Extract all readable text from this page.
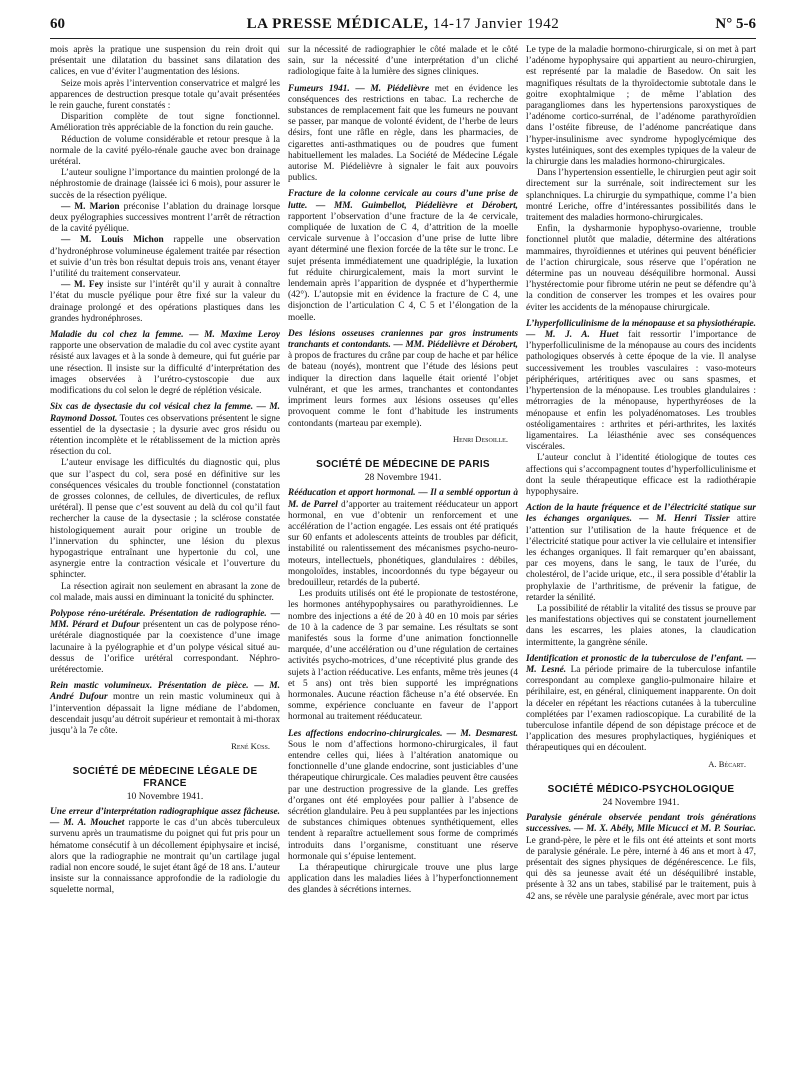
60	LA PRESSE MÉDICALE, 14-17 Janvier 1942	N° 5-6

mois après la pratique une suspension du rein droit qui présentait une dilatation du bassinet sans dilatation des calices, en vue d’éviter l’augmentation des lésions.

Seize mois après l’intervention conservatrice et malgré les apparences de destruction presque totale qu’avait présentées le rein gauche, furent constatés :

Disparition complète de tout signe fonctionnel. Amélioration très appréciable de la fonction du rein gauche.

Réduction de volume considérable et retour presque à la normale de la cavité pyélo-rénale gauche avec bon drainage urétéral.

L’auteur souligne l’importance du maintien prolongé de la néphrostomie de drainage (laissée ici 6 mois), pour assurer le succès de la résection pyélique.

— M. Marion préconise l’ablation du drainage lorsque deux pyélographies successives montrent l’arrêt de rétraction de la cavité pyélique.

— M. Louis Michon rappelle une observation d’hydronéphrose volumineuse également traitée par résection et suivie d’un très bon résultat depuis trois ans, venant étayer l’utilité du traitement conservateur.

— M. Fey insiste sur l’intérêt qu’il y aurait à connaître l’état du muscle pyélique pour être fixé sur la valeur du drainage prolongé et des opérations plastiques dans les grandes hydronéphroses.

Maladie du col chez la femme. — M. Maxime Leroy rapporte une observation de maladie du col avec cystite ayant résisté aux lavages et à la sonde à demeure, qui fut guérie par une résection. Il insiste sur la difficulté d’interprétation des images observées à l’urétro-cystoscopie due aux modifications du col selon le degré de réplétion vésicale.

Six cas de dysectasie du col vésical chez la femme. — M. Raymond Dossot. Toutes ces observations présentent le signe essentiel de la dysectasie ; la dysurie avec gros résidu ou rétention incomplète et le rétablissement de la miction après résection du col.

L’auteur envisage les difficultés du diagnostic qui, plus que sur l’aspect du col, sera posé en définitive sur les conséquences vésicales du trouble fonctionnel (constatation de grosses colonnes, de cellules, de diverticules, de reflux urétéral). Il pense que c’est souvent au delà du col qu’il faut rechercher la cause de la dysectasie ; la sclérose constatée histologiquement aurait pour origine un trouble de l’innervation du sphincter, une lésion du plexus hypogastrique entraînant une hypertonie du col, une asynergie entre la contraction vésicale et l’ouverture du sphincter.

La résection agirait non seulement en abrasant la zone de col malade, mais aussi en diminuant la tonicité du sphincter.

Polypose réno-urétérale. Présentation de radiographie. — MM. Pérard et Dufour présentent un cas de polypose réno-urétérale diagnostiquée par la coexistence d’une image lacunaire à la pyélographie et d’un polype vésical situé au-dessus de l’orifice urétéral correspondant. Néphro-urétérectomie.

Rein mastic volumineux. Présentation de pièce. — M. André Dufour montre un rein mastic volumineux qui à l’intervention dépassait la ligne médiane de l’abdomen, descendait jusqu’au détroit supérieur et remontait à mi-thorax jusqu’à la 7e côte.

René Küss.
SOCIÉTÉ DE MÉDECINE LÉGALE DE FRANCE
10 Novembre 1941.

Une erreur d’interprétation radiographique assez fâcheuse. — M. A. Mouchet rapporte le cas d’un abcès tuberculeux survenu après un traumatisme du poignet qui fut pris pour un hématome consécutif à un décollement épiphysaire et incisé, alors que la radiographie ne montrait qu’un cartilage jugal radial non encore soudé, le sujet étant âgé de 18 ans. L’auteur insiste sur la connaissance approfondie de la radiologie du squelette normal,

sur la nécessité de radiographier le côté malade et le côté sain, sur la nécessité d’une interprétation d’un cliché radiologique faite à la lumière des signes cliniques.

Fumeurs 1941. — M. Piédelièvre met en évidence les conséquences des restrictions en tabac. La recherche de substances de remplacement fait que les fumeurs ne pouvant se passer, par manque de volonté évident, de l’herbe de leurs désirs, font une râfle en règle, dans les pharmacies, de cigarettes anti-asthmatiques ou de poudres que fument habituellement les malades. La Société de Médecine Légale autorise M. Piédelièvre à signaler le fait aux pouvoirs publics.

Fracture de la colonne cervicale au cours d’une prise de lutte. — MM. Guimbellot, Piédelièvre et Dérobert, rapportent l’observation d’une fracture de la 4e cervicale, compliquée de luxation de C 4, d’attrition de la moelle cervicale survenue à l’occasion d’une prise de lutte libre ayant déterminé une flexion forcée de la tête sur le tronc. Le sujet présenta immédiatement une quadriplégie, la luxation fut réduite chirurgicalement, mais la mort survint le lendemain après l’apparition de dyspnée et d’hyperthermie (42°). L’autopsie mit en évidence la fracture de C 4, une disjonction de l’articulation C 4, C 5 et l’élongation de la moelle.

Des lésions osseuses craniennes par gros instruments tranchants et contondants. — MM. Piédelièvre et Dérobert, à propos de fractures du crâne par coup de hache et par hélice de bateau (noyés), montrent que l’étude des lésions peut indiquer la direction dans laquelle était orienté l’objet vulnérant, et que les armes, tranchantes et contondantes impriment leurs formes aux lésions osseuses qu’elles provoquent comme le font d’habitude les instruments contondants (marteau par exemple).

Henri Desoille.
SOCIÉTÉ DE MÉDECINE DE PARIS
28 Novembre 1941.

Rééducation et apport hormonal. — Il a semblé opportun à M. de Parrel d’apporter au traitement rééducateur un apport hormonal, en vue d’obtenir un renforcement et une accélération de l’action engagée. Les essais ont été pratiqués sur 60 enfants et adolescents atteints de troubles par déficit, instabilité ou ralentissement des mécanismes psycho-neuro-moteurs, intellectuels, phonétiques, glandulaires : débiles, mongoloïdes, instables, incoordonnés du type bégayeur ou bredouilleur, retardés de la puberté.

Les produits utilisés ont été le propionate de testostérone, les hormones antéhypophysaires ou parathyroïdiennes. Le nombre des injections a été de 20 à 40 en 10 mois par séries de 10 à la cadence de 3 par semaine. Les résultats se sont manifestés sous la forme d’une animation fonctionnelle marquée, d’une accélération ou d’une régulation de certaines activités psycho-motrices, d’une réceptivité plus grande des sujets à l’action rééducative. Les enfants, même très jeunes (4 et 5 ans) ont très bien supporté les imprégnations hormonales. Aucune réaction fâcheuse n’a été observée. En somme, expérience concluante en faveur de l’apport hormonal au traitement rééducateur.

Les affections endocrino-chirurgicales. — M. Desmarest. Sous le nom d’affections hormono-chirurgicales, il faut entendre celles qui, liées à l’altération anatomique ou fonctionnelle d’une glande endocrine, sont justiciables d’une thérapeutique chirurgicale. Ces maladies peuvent être causées par une destruction progressive de la glande. Les greffes d’organes ont été employées pour pallier à l’absence de sécrétion glandulaire. Peu à peu supplantées par les injections de substances chimiques obtenues synthétiquement, elles tendent à reparaître actuellement sous forme de comprimés introduits dans l’organisme, constituant une réserve hormonale qui s’épuise lentement.

La thérapeutique chirurgicale trouve une plus large application dans les maladies liées à l’hyperfonctionnement des glandes à sécrétions internes.

Le type de la maladie hormono-chirurgicale, si on met à part l’adénome hypophysaire qui appartient au neuro-chirurgien, est représenté par la maladie de Basedow. On sait les magnifiques résultats de la thyroïdectomie subtotale dans le goitre exophtalmique ; de même l’ablation des paragangliomes dans les hypertensions paroxystiques de l’adénome cortico-surrénal, de l’adénome parathyroïdien dans l’ostéite fibreuse, de l’adénome pancréatique dans l’hyper-insulinisme avec syndrome hypoglycémique des kystes lutéiniques, sont des exemples typiques de la valeur de la chirurgie dans les maladies hormono-chirurgicales.

Dans l’hypertension essentielle, le chirurgien peut agir soit directement sur la surrénale, soit indirectement sur les splanchniques. La chirurgie du sympathique, comme l’a bien montré Leriche, offre d’intéressantes possibilités dans le traitement des maladies hormono-chirurgicales.

Enfin, la dysharmonie hypophyso-ovarienne, trouble fonctionnel plutôt que maladie, détermine des altérations mammaires, thyroïdiennes et utérines qui peuvent bénéficier de l’action chirurgicale, sous réserve que l’opération ne détermine pas un nouveau déséquilibre hormonal. Aussi l’hystérectomie pour fibrome utérin ne peut se défendre qu’à la condition de conserver les trompes et les ovaires pour éviter les accidents de la ménopause chirurgicale.

L’hyperfolliculinisme de la ménopause et sa physiothérapie. — M. J. A. Huet fait ressortir l’importance de l’hyperfolliculinisme de la ménopause au cours des incidents pathologiques observés à cette époque de la vie. Il analyse successivement les troubles vasculaires : vaso-moteurs périphériques, artéritiques avec ou sans spasmes, et l’hypertension de la ménopause. Les troubles glandulaires : métrorragies de la ménopause, hyperthyréoses de la ménopause et enfin les polyadénomatoses. Les troubles ostéoligamentaires : arthrites et péri-arthrites, les laxités ligamentaires. La léiasthénie avec ses conséquences viscérales.

L’auteur conclut à l’identité étiologique de toutes ces affections qui s’accompagnent toutes d’hyperfolliculinisme et dont la seule thérapeutique efficace est la radiothérapie hypophysaire.

Action de la haute fréquence et de l’électricité statique sur les échanges organiques. — M. Henri Tissier attire l’attention sur l’utilisation de la haute fréquence et de l’électricité statique pour activer la vie cellulaire et intensifier les échanges organiques. Il fait remarquer qu’en abaissant, par ces moyens, dans le sang, le taux de l’urée, du cholestérol, de l’acide urique, etc., il sera possible d’établir la prophylaxie de l’arthritisme, de prévenir la fatigue, de retarder la sénilité.

La possibilité de rétablir la vitalité des tissus se prouve par les manifestations objectives qui se constatent journellement dans les escarres, les plaies atones, la claudication intermittente, la gangrène sénile.

Identification et pronostic de la tuberculose de l’enfant. — M. Lesné. La période primaire de la tuberculose infantile correspondant au complexe ganglio-pulmonaire hilaire et périhilaire, est, en général, cliniquement inapparente. On doit la déceler en répétant les réactions cutanées à la tuberculine complétées par l’examen radioscopique. La curabilité de la tuberculose infantile dépend de son dépistage précoce et de l’application des mesures prophylactiques, hygiéniques et thérapeutiques qui en découlent.

A. Bécart.
SOCIÉTÉ MÉDICO-PSYCHOLOGIQUE
24 Novembre 1941.

Paralysie générale observée pendant trois générations successives. — M. X. Abély, Mlle Micucci et M. P. Sourіac. Le grand-père, le père et le fils ont été atteints et sont morts de paralysie générale. Le père, interné à 46 ans et mort à 47, présentait des signes physiques de dégénérescence. Le fils, qui dès sa jeunesse avait été un déséquilibré instable, présente à 32 ans un tabes, stabilisé par le traitement, puis à 42 ans, se révèle une paralysie générale, avec mort par ictus
